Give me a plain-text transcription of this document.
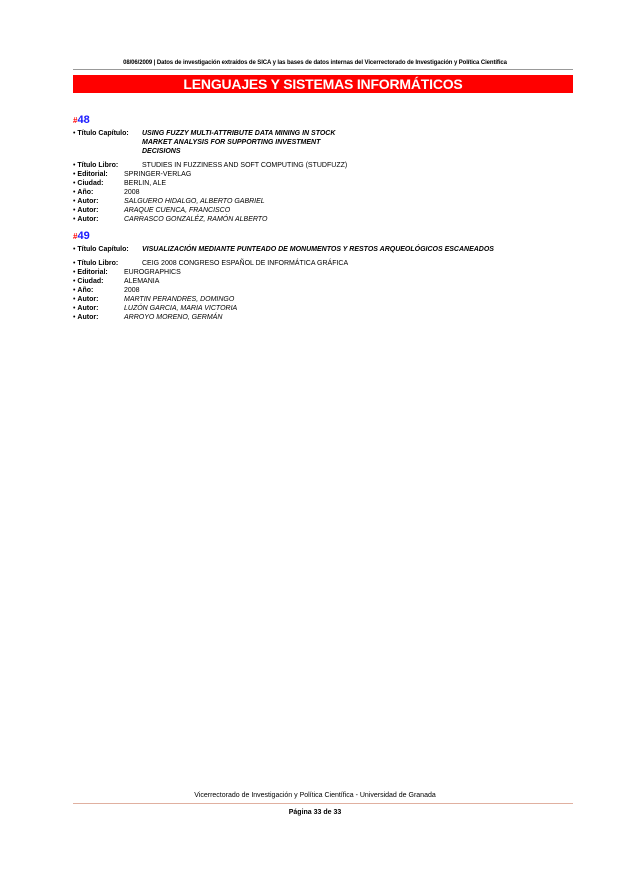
08/06/2009 | Datos de investigación extraídos de SICA y las bases de datos internas del Vicerrectorado de Investigación y Política Científica
LENGUAJES Y SISTEMAS INFORMÁTICOS
#48
• Título Capítulo:	USING FUZZY MULTI-ATTRIBUTE DATA MINING IN STOCK MARKET ANALYSIS FOR SUPPORTING INVESTMENT DECISIONS
• Título Libro:	STUDIES IN FUZZINESS AND SOFT COMPUTING (STUDFUZZ)
• Editorial: SPRINGER-VERLAG
• Ciudad:	BERLIN, ALE
• Año:	2008
• Autor:	SALGUERO HIDALGO, ALBERTO GABRIEL
• Autor:	ARAQUE CUENCA, FRANCISCO
• Autor:	CARRASCO GONZALÉZ, RAMÓN ALBERTO
#49
• Título Capítulo: VISUALIZACIÓN MEDIANTE PUNTEADO DE MONUMENTOS Y RESTOS ARQUEOLÓGICOS ESCANEADOS
• Título Libro:	CEIG 2008 CONGRESO ESPAÑOL DE INFORMÁTICA GRÁFICA
• Editorial: EUROGRAPHICS
• Ciudad:	ALEMANIA
• Año:	2008
• Autor:	MARTIN PERANDRES, DOMINGO
• Autor:	LUZÓN GARCIA, MARIA VICTORIA
• Autor:	ARROYO MORENO, GERMÁN
Vicerrectorado de Investigación y Política Científica - Universidad de Granada
Página 33 de 33
